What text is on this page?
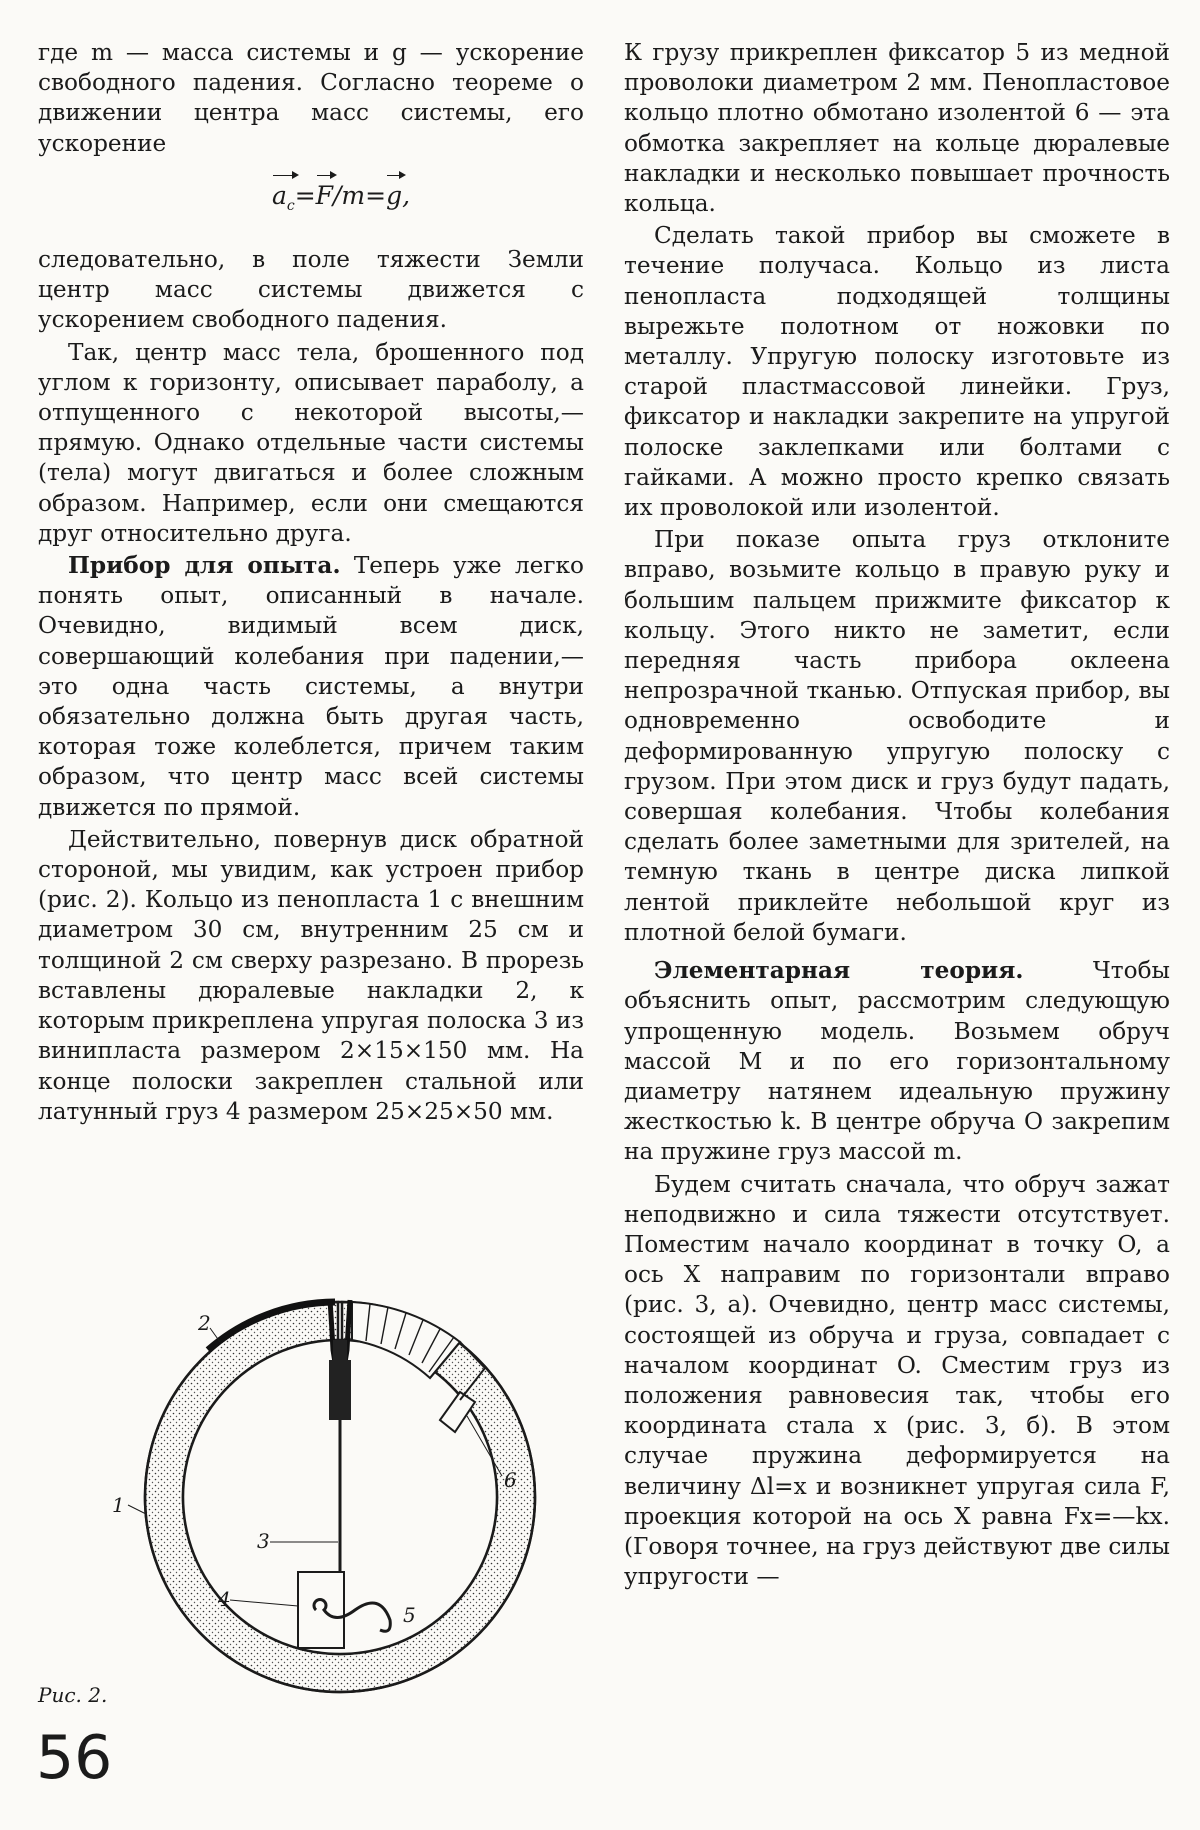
где m — масса системы и g — ускорение свободного падения. Согласно теореме о движении центра масс системы, его ускорение

$a_c=F/m=g$,

следовательно, в поле тяжести Земли центр масс системы движется с ускорением свободного падения.

Так, центр масс тела, брошенного под углом к горизонту, описывает параболу, а отпущенного с некоторой высоты,— прямую. Однако отдельные части системы (тела) могут двигаться и более сложным образом. Например, если они смещаются друг относительно друга.

Прибор для опыта. Теперь уже легко понять опыт, описанный в начале. Очевидно, видимый всем диск, совершающий колебания при падении,— это одна часть системы, а внутри обязательно должна быть другая часть, которая тоже колеблется, причем таким образом, что центр масс всей системы движется по прямой.

Действительно, повернув диск обратной стороной, мы увидим, как устроен прибор (рис. 2). Кольцо из пенопласта 1 с внешним диаметром 30 см, внутренним 25 см и толщиной 2 см сверху разрезано. В прорезь вставлены дюралевые накладки 2, к которым прикреплена упругая полоска 3 из винипласта размером 2×15×150 мм. На конце полоски закреплен стальной или латунный груз 4 размером 25×25×50 мм.

К грузу прикреплен фиксатор 5 из медной проволоки диаметром 2 мм. Пенопластовое кольцо плотно обмотано изолентой 6 — эта обмотка закрепляет на кольце дюралевые накладки и несколько повышает прочность кольца.

Сделать такой прибор вы сможете в течение получаса. Кольцо из листа пенопласта подходящей толщины вырежьте полотном от ножовки по металлу. Упругую полоску изготовьте из старой пластмассовой линейки. Груз, фиксатор и накладки закрепите на упругой полоске заклепками или болтами с гайками. А можно просто крепко связать их проволокой или изолентой.

При показе опыта груз отклоните вправо, возьмите кольцо в правую руку и большим пальцем прижмите фиксатор к кольцу. Этого никто не заметит, если передняя часть прибора оклеена непрозрачной тканью. Отпуская прибор, вы одновременно освободите и деформированную упругую полоску с грузом. При этом диск и груз будут падать, совершая колебания. Чтобы колебания сделать более заметными для зрителей, на темную ткань в центре диска липкой лентой приклейте небольшой круг из плотной белой бумаги.

Элементарная теория. Чтобы объяснить опыт, рассмотрим следующую упрощенную модель. Возьмем обруч массой M и по его горизонтальному диаметру натянем идеальную пружину жесткостью k. В центре обруча O закрепим на пружине груз массой m.

Будем считать сначала, что обруч зажат неподвижно и сила тяжести отсутствует. Поместим начало координат в точку O, а ось X направим по горизонтали вправо (рис. 3, а). Очевидно, центр масс системы, состоящей из обруча и груза, совпадает с началом координат O. Сместим груз из положения равновесия так, чтобы его координата стала x (рис. 3, б). В этом случае пружина деформируется на величину Δl=x и возникнет упругая сила F, проекция которой на ось X равна Fx=—kx. (Говоря точнее, на груз действуют две силы упругости —

1
2
3
4
5
6
Рис. 2.
56
